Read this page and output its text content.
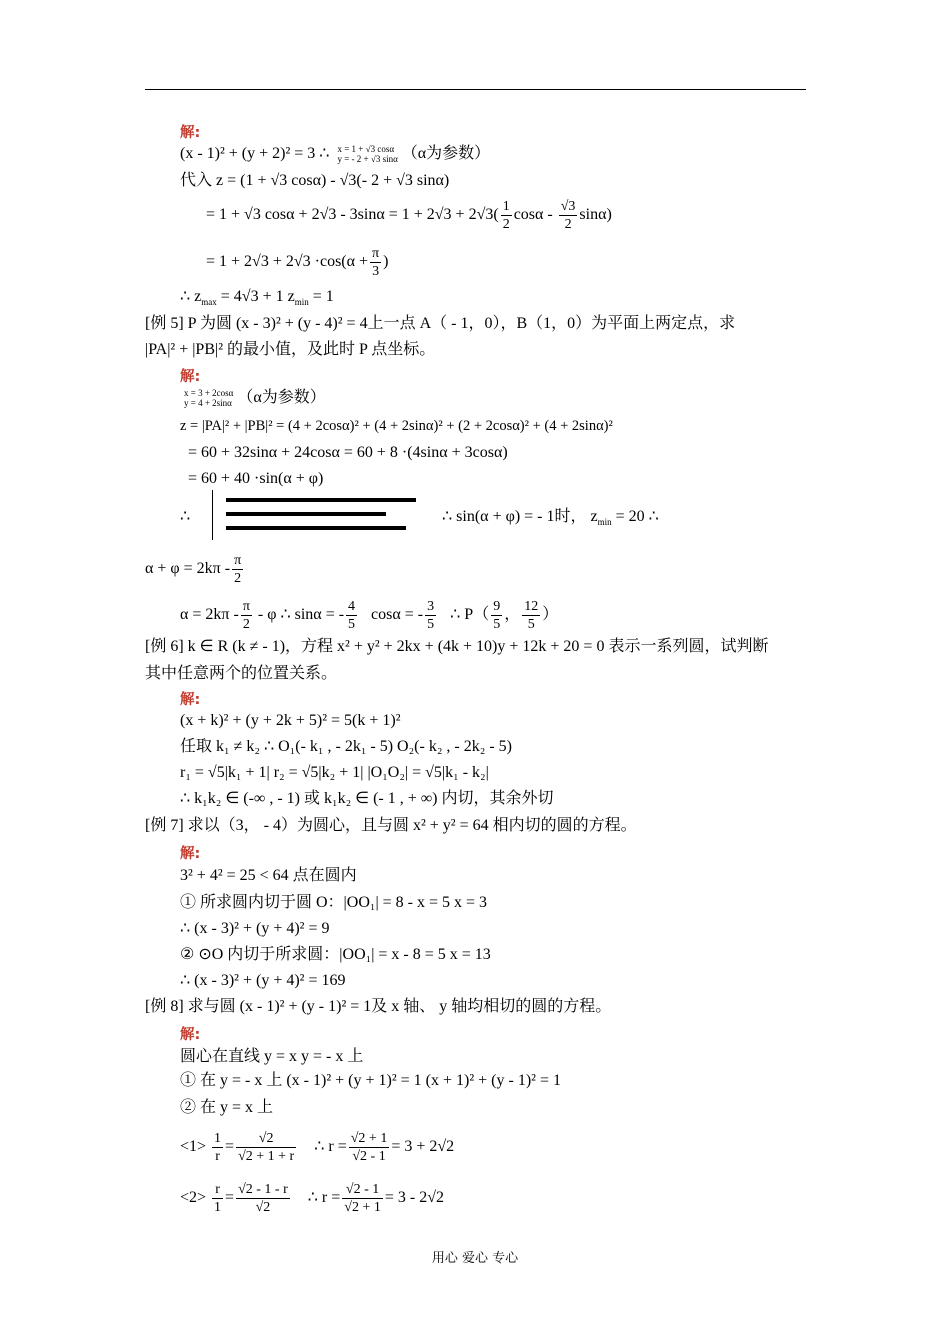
解:
(x - 1)² + (y + 2)² = 3 ∴ x = 1 + √3 cosα
y = - 2 + √3 sinα （α为参数）
代入 z = (1 + √3 cosα) - √3(- 2 + √3 sinα)
= 1 + √3 $\cos\alpha + 2√3 - 3\sin\alpha = 1 + 2√3 + 2√3( \frac{1}{2}$ cosα - $\frac{√3}{2} \sin\alpha$)
= $1 + 2√3 + 2√3 \cdot\cos(\alpha + \frac{\pi}{3}$ )
∴ $z_{max} = 4√3 + 1$ $z_{min} = 1$
[例 5] P 为圆 (x - 3)² + (y - 4)² = 4上一点 A（ - 1，0），B（1，0）为平面上两定点，求
|PA|² + |PB|² 的最小值，及此时 P 点坐标。
解:
x = 3 + 2cosα
y = 4 + 2sinα （α为参数）
z = |PA|² + |PB|² = (4 + 2cosα)² + (4 + 2sinα)² + (2 + 2cosα)² + (4 + 2sinα)²
= 60 + 32sinα + 24cosα = 60 + 8 ·(4sinα + 3cosα)
= 60 + 40 ·sin(α + φ)
∴	∴ sin(α + φ) = - 1时， $z_{min} = 20$ ∴
$\alpha + \varphi = 2k\pi - \frac{\pi}{2}$
$\alpha = 2k\pi - \frac{\pi}{2} - \varphi$ ∴ sinα = - $\frac{4}{5}$ cosα = - $\frac{3}{5}$ ∴ $P( \frac{9}{5}$ ， $\frac{12}{5}$ ）
[例 6] k ∈ R (k ≠ - 1)，方程 x² + y² + 2kx + (4k + 10)y + 12k + 20 = 0 表示一系列圆，试判断
其中任意两个的位置关系。
解:
(x + k)² + (y + 2k + 5)² = 5(k + 1)²
任取 k₁ ≠ k₂ ∴ O₁(- k₁ , - 2k₁ - 5) O₂(- k₂ , - 2k₂ - 5)
r₁ = √5|k₁ + 1| r₂ = √5|k₂ + 1| |O₁O₂| = √5|k₁ - k₂|
∴ k₁k₂ ∈ (-∞ , - 1) 或 k₁k₂ ∈ (- 1 , + ∞) 内切，其余外切
[例 7] 求以（3， - 4）为圆心，且与圆 x² + y² = 64 相内切的圆的方程。
解:
3² + 4² = 25 < 64 点在圆内
① 所求圆内切于圆 O：|OO₁| = 8 - x = 5 x = 3
∴ (x - 3)² + (y + 4)² = 9
② ⊙O 内切于所求圆：|OO₁| = x - 8 = 5 x = 13
∴ (x - 3)² + (y + 4)² = 169
[例 8] 求与圆 (x - 1)² + (y - 1)² = 1及 x 轴、 y 轴均相切的圆的方程。
解:
圆心在直线 y = x y = - x 上
① 在 y = - x 上 (x - 1)² + (y + 1)² = 1 (x + 1)² + (y - 1)² = 1
② 在 y = x 上
$<1> \frac{1}{r} = \frac{√2}{√2 + 1 + r}$ ∴ $r = \frac{√2 + 1}{√2 - 1} = 3 + 2√2$
$<2> \frac{r}{1} = \frac{√2 - 1 - r}{√2}$ ∴ $r = \frac{√2 - 1}{√2 + 1} = 3 - 2√2$
用心 爱心 专心
